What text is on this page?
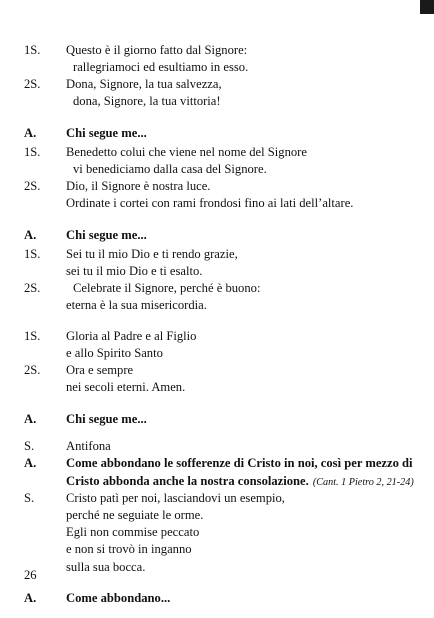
1S. Questo è il giorno fatto dal Signore:
rallegriamoci ed esultiamo in esso.
2S. Dona, Signore, la tua salvezza,
dona, Signore, la tua vittoria!
A. Chi segue me...
1S. Benedetto colui che viene nel nome del Signore
vi benediciamo dalla casa del Signore.
2S. Dio, il Signore è nostra luce.
Ordinate i cortei con rami frondosi fino ai lati dell’altare.
A. Chi segue me...
1S. Sei tu il mio Dio e ti rendo grazie,
sei tu il mio Dio e ti esalto.
2S.	Celebrate il Signore, perché è buono:
eterna è la sua misericordia.
1S. Gloria al Padre e al Figlio
e allo Spirito Santo
2S. Ora e sempre
nei secoli eterni. Amen.
A. Chi segue me...
S.	Antifona
A. Come abbondano le sofferenze di Cristo in noi, così per mezzo di
Cristo abbonda anche la nostra consolazione. (Cant. 1 Pietro 2, 21-24)
S.	Cristo patì per noi, lasciandovi un esempio,
perché ne seguiate le orme.
Egli non commise peccato
e non si trovò in inganno
sulla sua bocca.
A. Come abbondano...
26
